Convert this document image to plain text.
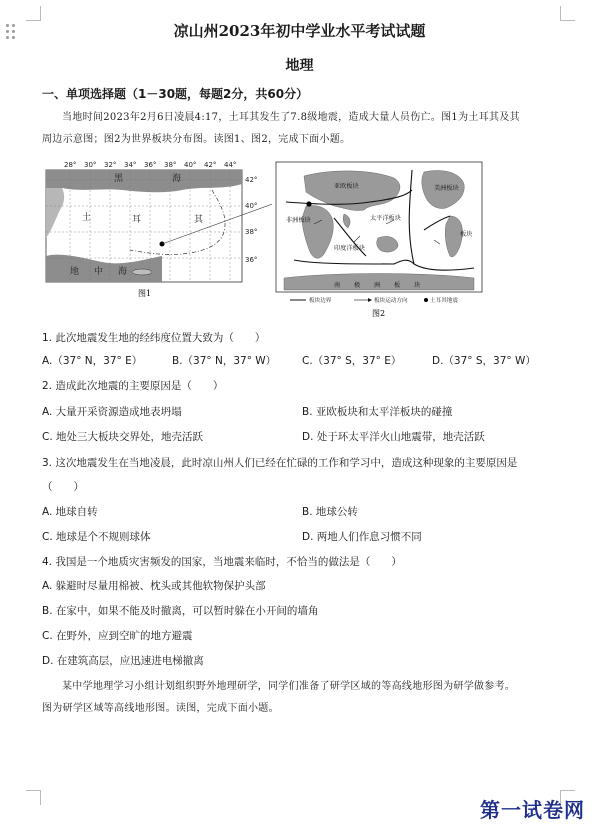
凉山州2023年初中学业水平考试试题
地理
一、单项选择题（1－30题，每题2分，共60分）
当地时间2023年2月6日凌晨4:17，土耳其发生了7.8级地震，造成大量人员伤亡。图1为土耳其及其
周边示意图；图2为世界板块分布图。读图1、图2，完成下面小题。
28° 30° 32° 34° 36° 38° 40° 42° 44°
42°
40°
38°
36°
黑	海
土	耳	其
地 中 海
图1
亚欧板块	美洲板块
非洲板块	太平洋板块
印度洋板块
板块
南 极 洲 板 块
板块边界	板块运动方向	土耳其地震
图2
1. 此次地震发生地的经纬度位置大致为（　　）
A.（37° N，37° E）	B.（37° N，37° W） C.（37° S，37° E）	D.（37° S，37° W）
2. 造成此次地震的主要原因是（　　）
A. 大量开采资源造成地表坍塌	B. 亚欧板块和太平洋板块的碰撞
C. 地处三大板块交界处，地壳活跃	D. 处于环太平洋火山地震带，地壳活跃
3. 这次地震发生在当地凌晨，此时凉山州人们已经在忙碌的工作和学习中，造成这种现象的主要原因是
（　　）
A. 地球自转	B. 地球公转
C. 地球是个不规则球体	D. 两地人们作息习惯不同
4. 我国是一个地质灾害频发的国家，当地震来临时，不恰当的做法是（　　）
A. 躲避时尽量用棉被、枕头或其他软物保护头部
B. 在家中，如果不能及时撤离，可以暂时躲在小开间的墙角
C. 在野外，应到空旷的地方避震
D. 在建筑高层，应迅速进电梯撤离
某中学地理学习小组计划组织野外地理研学，同学们准备了研学区域的等高线地形图为研学做参考。
图为研学区域等高线地形图。读图，完成下面小题。
第一试卷网
